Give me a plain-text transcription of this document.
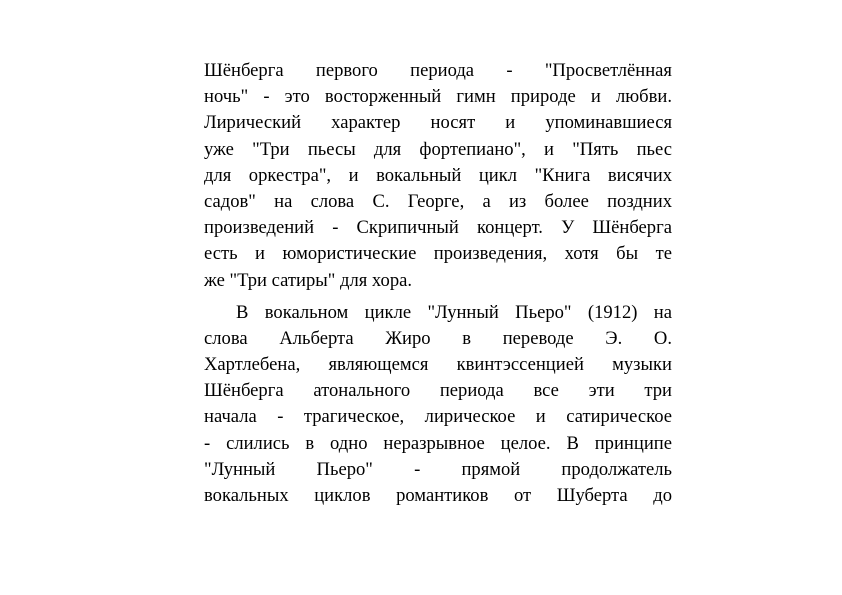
Шёнберга первого периода - "Просветлённая
ночь" - это восторженный гимн природе и любви.
Лирический характер носят и упоминавшиеся
уже "Три пьесы для фортепиано", и "Пять пьес
для оркестра", и вокальный цикл "Книга висячих
садов" на слова С. Георге, а из более поздних
произведений - Скрипичный концерт. У Шёнберга
есть и юмористические произведения, хотя бы те
же "Три сатиры" для хора.
В вокальном цикле "Лунный Пьеро" (1912) на
слова Альберта Жиро в переводе Э. О.
Хартлебена, являющемся квинтэссенцией музыки
Шёнберга атонального периода все эти три
начала - трагическое, лирическое и сатирическое
- слились в одно неразрывное целое. В принципе
"Лунный Пьеро" - прямой продолжатель
вокальных циклов романтиков от Шуберта до
